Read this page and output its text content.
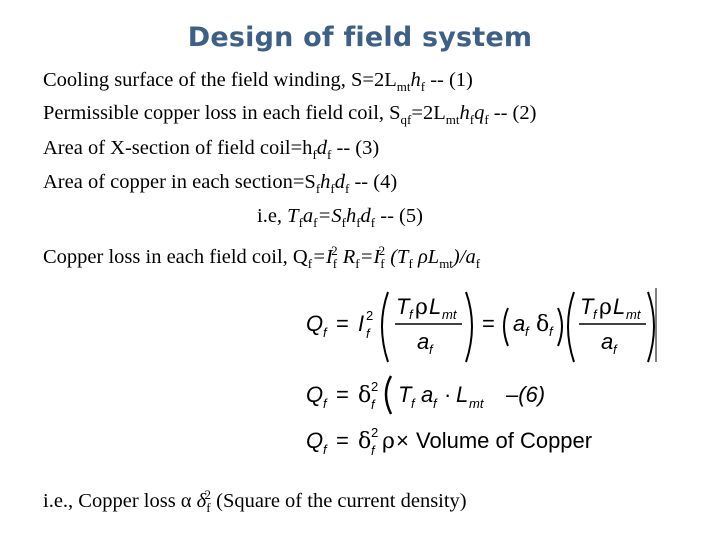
Design of field system
Cooling surface of the field winding, $S=2L_{mt}h_f -- (1)$
Permissible copper loss in each field coil, $S_{qf}=2L_{mt}h_fq_f -- (2)$
Area of X-section of field $coil=h_fd_f -- (3)$
Area of copper in each $section=S_fh_fd_f -- (4)$
i.e, $T_fa_f=S_fh_fd_f -- (5)$
Copper loss in each field coil, $Q_f=I_f^2$ $R_f=I_f^2$ ($T_f$ $\rho L_{mt})/a_f$
Q f = I 2
f
T f ρ L mt
a f
= a f δ f
T f ρ L mt
a f
Q f = δ 2
f T f a f · L mt –(6)
Q f = δ 2
f ρ × Volume of Copper
i.e., Copper loss α $\delta_f^2$ (Square of the current density)
